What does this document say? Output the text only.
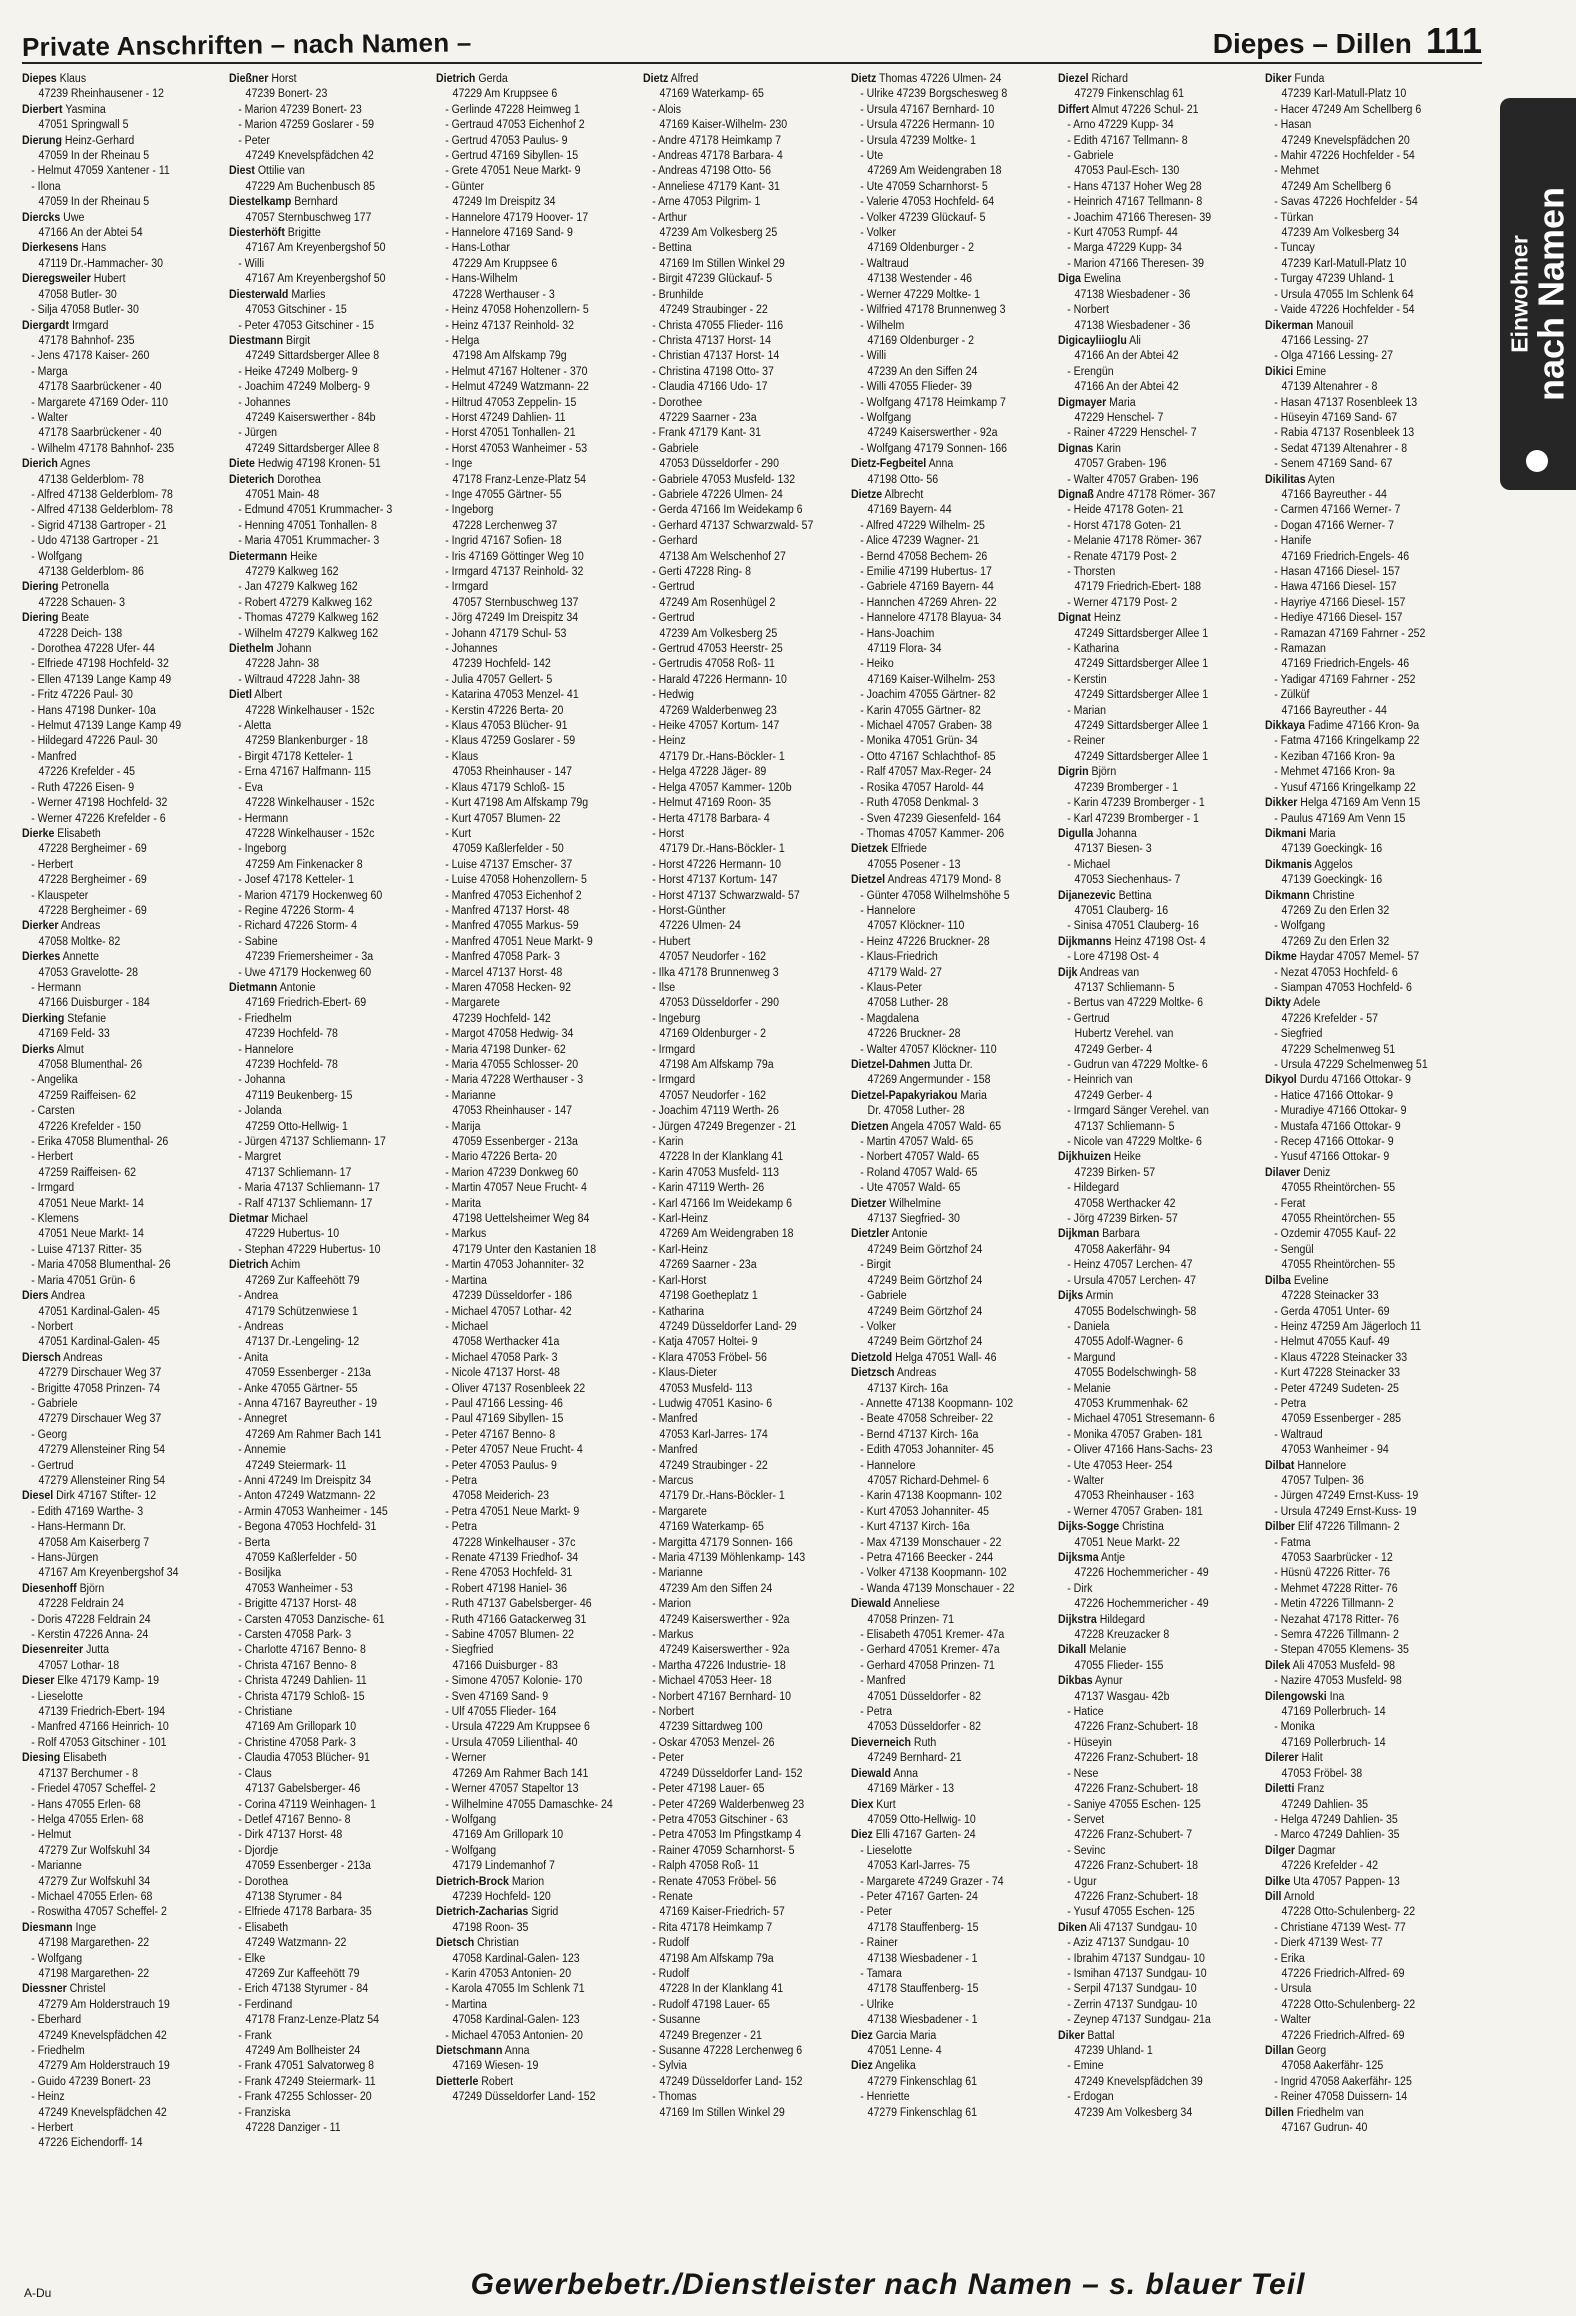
Private Anschriften – nach Namen –	Diepes – Dillen 111
Einwohner
nach Namen
Diepes Klaus
47239 Rheinhausener - 12
Dierbert Yasmina
47051 Springwall 5
Dierung Heinz-Gerhard
47059 In der Rheinau 5
- Helmut 47059 Xantener - 11
- Ilona
47059 In der Rheinau 5
Diercks Uwe
47166 An der Abtei 54
Dierkesens Hans
47119 Dr.-Hammacher- 30
Dieregsweiler Hubert
47058 Butler- 30
- Silja 47058 Butler- 30
Diergardt Irmgard
47178 Bahnhof- 235
- Jens 47178 Kaiser- 260
- Marga
47178 Saarbrückener - 40
- Margarete 47169 Oder- 110
- Walter
47178 Saarbrückener - 40
- Wilhelm 47178 Bahnhof- 235
Dierich Agnes
47138 Gelderblom- 78
- Alfred 47138 Gelderblom- 78
- Alfred 47138 Gelderblom- 78
- Sigrid 47138 Gartroper - 21
- Udo 47138 Gartroper - 21
- Wolfgang
47138 Gelderblom- 86
Diering Petronella
47228 Schauen- 3
Diering Beate
47228 Deich- 138
- Dorothea 47228 Ufer- 44
- Elfriede 47198 Hochfeld- 32
- Ellen 47139 Lange Kamp 49
- Fritz 47226 Paul- 30
- Hans 47198 Dunker- 10a
- Helmut 47139 Lange Kamp 49
- Hildegard 47226 Paul- 30
- Manfred
47226 Krefelder - 45
- Ruth 47226 Eisen- 9
- Werner 47198 Hochfeld- 32
- Werner 47226 Krefelder - 6
Dierke Elisabeth
47228 Bergheimer - 69
- Herbert
47228 Bergheimer - 69
- Klauspeter
47228 Bergheimer - 69
Dierker Andreas
47058 Moltke- 82
Dierkes Annette
47053 Gravelotte- 28
- Hermann
47166 Duisburger - 184
Dierking Stefanie
47169 Feld- 33
Dierks Almut
47058 Blumenthal- 26
- Angelika
47259 Raiffeisen- 62
- Carsten
47226 Krefelder - 150
- Erika 47058 Blumenthal- 26
- Herbert
47259 Raiffeisen- 62
- Irmgard
47051 Neue Markt- 14
- Klemens
47051 Neue Markt- 14
- Luise 47137 Ritter- 35
- Maria 47058 Blumenthal- 26
- Maria 47051 Grün- 6
Diers Andrea
47051 Kardinal-Galen- 45
- Norbert
47051 Kardinal-Galen- 45
Diersch Andreas
47279 Dirschauer Weg 37
- Brigitte 47058 Prinzen- 74
- Gabriele
47279 Dirschauer Weg 37
- Georg
47279 Allensteiner Ring 54
- Gertrud
47279 Allensteiner Ring 54
Diesel Dirk 47167 Stifter- 12
- Edith 47169 Warthe- 3
- Hans-Hermann Dr.
47058 Am Kaiserberg 7
- Hans-Jürgen
47167 Am Kreyenbergshof 34
Diesenhoff Björn
47228 Feldrain 24
- Doris 47228 Feldrain 24
- Kerstin 47226 Anna- 24
Diesenreiter Jutta
47057 Lothar- 18
Dieser Elke 47179 Kamp- 19
- Lieselotte
47139 Friedrich-Ebert- 194
- Manfred 47166 Heinrich- 10
- Rolf 47053 Gitschiner - 101
Diesing Elisabeth
47137 Berchumer - 8
- Friedel 47057 Scheffel- 2
- Hans 47055 Erlen- 68
- Helga 47055 Erlen- 68
- Helmut
47279 Zur Wolfskuhl 34
- Marianne
47279 Zur Wolfskuhl 34
- Michael 47055 Erlen- 68
- Roswitha 47057 Scheffel- 2
Diesmann Inge
47198 Margarethen- 22
- Wolfgang
47198 Margarethen- 22
Diessner Christel
47279 Am Holderstrauch 19
- Eberhard
47249 Knevelspfädchen 42
- Friedhelm
47279 Am Holderstrauch 19
- Guido 47239 Bonert- 23
- Heinz
47249 Knevelspfädchen 42
- Herbert
47226 Eichendorff- 14
Dießner Horst
47239 Bonert- 23
- Marion 47239 Bonert- 23
- Marion 47259 Goslarer - 59
- Peter
47249 Knevelspfädchen 42
Diest Ottilie van
47229 Am Buchenbusch 85
Diestelkamp Bernhard
47057 Sternbuschweg 177
Diesterhöft Brigitte
47167 Am Kreyenbergshof 50
- Willi
47167 Am Kreyenbergshof 50
Diesterwald Marlies
47053 Gitschiner - 15
- Peter 47053 Gitschiner - 15
Diestmann Birgit
47249 Sittardsberger Allee 8
- Heike 47249 Molberg- 9
- Joachim 47249 Molberg- 9
- Johannes
47249 Kaiserswerther - 84b
- Jürgen
47249 Sittardsberger Allee 8
Diete Hedwig 47198 Kronen- 51
Dieterich Dorothea
47051 Main- 48
- Edmund 47051 Krummacher- 3
- Henning 47051 Tonhallen- 8
- Maria 47051 Krummacher- 3
Dietermann Heike
47279 Kalkweg 162
- Jan 47279 Kalkweg 162
- Robert 47279 Kalkweg 162
- Thomas 47279 Kalkweg 162
- Wilhelm 47279 Kalkweg 162
Diethelm Johann
47228 Jahn- 38
- Wiltraud 47228 Jahn- 38
Dietl Albert
47228 Winkelhauser - 152c
- Aletta
47259 Blankenburger - 18
- Birgit 47178 Ketteler- 1
- Erna 47167 Halfmann- 115
- Eva
47228 Winkelhauser - 152c
- Hermann
47228 Winkelhauser - 152c
- Ingeborg
47259 Am Finkenacker 8
- Josef 47178 Ketteler- 1
- Marion 47179 Hockenweg 60
- Regine 47226 Storm- 4
- Richard 47226 Storm- 4
- Sabine
47239 Friemersheimer - 3a
- Uwe 47179 Hockenweg 60
Dietmann Antonie
47169 Friedrich-Ebert- 69
- Friedhelm
47239 Hochfeld- 78
- Hannelore
47239 Hochfeld- 78
- Johanna
47119 Beukenberg- 15
- Jolanda
47259 Otto-Hellwig- 1
- Jürgen 47137 Schliemann- 17
- Margret
47137 Schliemann- 17
- Maria 47137 Schliemann- 17
- Ralf 47137 Schliemann- 17
Dietmar Michael
47229 Hubertus- 10
- Stephan 47229 Hubertus- 10
Dietrich Achim
47269 Zur Kaffeehött 79
- Andrea
47179 Schützenwiese 1
- Andreas
47137 Dr.-Lengeling- 12
- Anita
47059 Essenberger - 213a
- Anke 47055 Gärtner- 55
- Anna 47167 Bayreuther - 19
- Annegret
47269 Am Rahmer Bach 141
- Annemie
47249 Steiermark- 11
- Anni 47249 Im Dreispitz 34
- Anton 47249 Watzmann- 22
- Armin 47053 Wanheimer - 145
- Begona 47053 Hochfeld- 31
- Berta
47059 Kaßlerfelder - 50
- Bosiljka
47053 Wanheimer - 53
- Brigitte 47137 Horst- 48
- Carsten 47053 Danzische- 61
- Carsten 47058 Park- 3
- Charlotte 47167 Benno- 8
- Christa 47167 Benno- 8
- Christa 47249 Dahlien- 11
- Christa 47179 Schloß- 15
- Christiane
47169 Am Grillopark 10
- Christine 47058 Park- 3
- Claudia 47053 Blücher- 91
- Claus
47137 Gabelsberger- 46
- Corina 47119 Weinhagen- 1
- Detlef 47167 Benno- 8
- Dirk 47137 Horst- 48
- Djordje
47059 Essenberger - 213a
- Dorothea
47138 Styrumer - 84
- Elfriede 47178 Barbara- 35
- Elisabeth
47249 Watzmann- 22
- Elke
47269 Zur Kaffeehött 79
- Erich 47138 Styrumer - 84
- Ferdinand
47178 Franz-Lenze-Platz 54
- Frank
47249 Am Bollheister 24
- Frank 47051 Salvatorweg 8
- Frank 47249 Steiermark- 11
- Frank 47255 Schlosser- 20
- Franziska
47228 Danziger - 11
Dietrich Gerda
47229 Am Kruppsee 6
- Gerlinde 47228 Heimweg 1
- Gertraud 47053 Eichenhof 2
- Gertrud 47053 Paulus- 9
- Gertrud 47169 Sibyllen- 15
- Grete 47051 Neue Markt- 9
- Günter
47249 Im Dreispitz 34
- Hannelore 47179 Hoover- 17
- Hannelore 47169 Sand- 9
- Hans-Lothar
47229 Am Kruppsee 6
- Hans-Wilhelm
47228 Werthauser - 3
- Heinz 47058 Hohenzollern- 5
- Heinz 47137 Reinhold- 32
- Helga
47198 Am Alfskamp 79g
- Helmut 47167 Holtener - 370
- Helmut 47249 Watzmann- 22
- Hiltrud 47053 Zeppelin- 15
- Horst 47249 Dahlien- 11
- Horst 47051 Tonhallen- 21
- Horst 47053 Wanheimer - 53
- Inge
47178 Franz-Lenze-Platz 54
- Inge 47055 Gärtner- 55
- Ingeborg
47228 Lerchenweg 37
- Ingrid 47167 Sofien- 18
- Iris 47169 Göttinger Weg 10
- Irmgard 47137 Reinhold- 32
- Irmgard
47057 Sternbuschweg 137
- Jörg 47249 Im Dreispitz 34
- Johann 47179 Schul- 53
- Johannes
47239 Hochfeld- 142
- Julia 47057 Gellert- 5
- Katarina 47053 Menzel- 41
- Kerstin 47226 Berta- 20
- Klaus 47053 Blücher- 91
- Klaus 47259 Goslarer - 59
- Klaus
47053 Rheinhauser - 147
- Klaus 47179 Schloß- 15
- Kurt 47198 Am Alfskamp 79g
- Kurt 47057 Blumen- 22
- Kurt
47059 Kaßlerfelder - 50
- Luise 47137 Emscher- 37
- Luise 47058 Hohenzollern- 5
- Manfred 47053 Eichenhof 2
- Manfred 47137 Horst- 48
- Manfred 47055 Markus- 59
- Manfred 47051 Neue Markt- 9
- Manfred 47058 Park- 3
- Marcel 47137 Horst- 48
- Maren 47058 Hecken- 92
- Margarete
47239 Hochfeld- 142
- Margot 47058 Hedwig- 34
- Maria 47198 Dunker- 62
- Maria 47055 Schlosser- 20
- Maria 47228 Werthauser - 3
- Marianne
47053 Rheinhauser - 147
- Marija
47059 Essenberger - 213a
- Mario 47226 Berta- 20
- Marion 47239 Donkweg 60
- Martin 47057 Neue Frucht- 4
- Marita
47198 Uettelsheimer Weg 84
- Markus
47179 Unter den Kastanien 18
- Martin 47053 Johanniter- 32
- Martina
47239 Düsseldorfer - 186
- Michael 47057 Lothar- 42
- Michael
47058 Werthacker 41a
- Michael 47058 Park- 3
- Nicole 47137 Horst- 48
- Oliver 47137 Rosenbleek 22
- Paul 47166 Lessing- 46
- Paul 47169 Sibyllen- 15
- Peter 47167 Benno- 8
- Peter 47057 Neue Frucht- 4
- Peter 47053 Paulus- 9
- Petra
47058 Meiderich- 23
- Petra 47051 Neue Markt- 9
- Petra
47228 Winkelhauser - 37c
- Renate 47139 Friedhof- 34
- Rene 47053 Hochfeld- 31
- Robert 47198 Haniel- 36
- Ruth 47137 Gabelsberger- 46
- Ruth 47166 Gatackerweg 31
- Sabine 47057 Blumen- 22
- Siegfried
47166 Duisburger - 83
- Simone 47057 Kolonie- 170
- Sven 47169 Sand- 9
- Ulf 47055 Flieder- 164
- Ursula 47229 Am Kruppsee 6
- Ursula 47059 Lilienthal- 40
- Werner
47269 Am Rahmer Bach 141
- Werner 47057 Stapeltor 13
- Wilhelmine 47055 Damaschke- 24
- Wolfgang
47169 Am Grillopark 10
- Wolfgang
47179 Lindemanhof 7
Dietrich-Brock Marion
47239 Hochfeld- 120
Dietrich-Zacharias Sigrid
47198 Roon- 35
Dietsch Christian
47058 Kardinal-Galen- 123
- Karin 47053 Antonien- 20
- Karola 47055 Im Schlenk 71
- Martina
47058 Kardinal-Galen- 123
- Michael 47053 Antonien- 20
Dietschmann Anna
47169 Wiesen- 19
Dietterle Robert
47249 Düsseldorfer Land- 152
Dietz Alfred
47169 Waterkamp- 65
- Alois
47169 Kaiser-Wilhelm- 230
- Andre 47178 Heimkamp 7
- Andreas 47178 Barbara- 4
- Andreas 47198 Otto- 56
- Anneliese 47179 Kant- 31
- Arne 47053 Pilgrim- 1
- Arthur
47239 Am Volkesberg 25
- Bettina
47169 Im Stillen Winkel 29
- Birgit 47239 Glückauf- 5
- Brunhilde
47249 Straubinger - 22
- Christa 47055 Flieder- 116
- Christa 47137 Horst- 14
- Christian 47137 Horst- 14
- Christina 47198 Otto- 37
- Claudia 47166 Udo- 17
- Dorothee
47229 Saarner - 23a
- Frank 47179 Kant- 31
- Gabriele
47053 Düsseldorfer - 290
- Gabriele 47053 Musfeld- 132
- Gabriele 47226 Ulmen- 24
- Gerda 47166 Im Weidekamp 6
- Gerhard 47137 Schwarzwald- 57
- Gerhard
47138 Am Welschenhof 27
- Gerti 47228 Ring- 8
- Gertrud
47249 Am Rosenhügel 2
- Gertrud
47239 Am Volkesberg 25
- Gertrud 47053 Heerstr- 25
- Gertrudis 47058 Roß- 11
- Harald 47226 Hermann- 10
- Hedwig
47269 Walderbenweg 23
- Heike 47057 Kortum- 147
- Heinz
47179 Dr.-Hans-Böckler- 1
- Helga 47228 Jäger- 89
- Helga 47057 Kammer- 120b
- Helmut 47169 Roon- 35
- Herta 47178 Barbara- 4
- Horst
47179 Dr.-Hans-Böckler- 1
- Horst 47226 Hermann- 10
- Horst 47137 Kortum- 147
- Horst 47137 Schwarzwald- 57
- Horst-Günther
47226 Ulmen- 24
- Hubert
47057 Neudorfer - 162
- Ilka 47178 Brunnenweg 3
- Ilse
47053 Düsseldorfer - 290
- Ingeburg
47169 Oldenburger - 2
- Irmgard
47198 Am Alfskamp 79a
- Irmgard
47057 Neudorfer - 162
- Joachim 47119 Werth- 26
- Jürgen 47249 Bregenzer - 21
- Karin
47228 In der Klanklang 41
- Karin 47053 Musfeld- 113
- Karin 47119 Werth- 26
- Karl 47166 Im Weidekamp 6
- Karl-Heinz
47269 Am Weidengraben 18
- Karl-Heinz
47269 Saarner - 23a
- Karl-Horst
47198 Goetheplatz 1
- Katharina
47249 Düsseldorfer Land- 29
- Katja 47057 Holtei- 9
- Klara 47053 Fröbel- 56
- Klaus-Dieter
47053 Musfeld- 113
- Ludwig 47051 Kasino- 6
- Manfred
47053 Karl-Jarres- 174
- Manfred
47249 Straubinger - 22
- Marcus
47179 Dr.-Hans-Böckler- 1
- Margarete
47169 Waterkamp- 65
- Margitta 47179 Sonnen- 166
- Maria 47139 Möhlenkamp- 143
- Marianne
47239 Am den Siffen 24
- Marion
47249 Kaiserswerther - 92a
- Markus
47249 Kaiserswerther - 92a
- Martha 47226 Industrie- 18
- Michael 47053 Heer- 18
- Norbert 47167 Bernhard- 10
- Norbert
47239 Sittardweg 100
- Oskar 47053 Menzel- 26
- Peter
47249 Düsseldorfer Land- 152
- Peter 47198 Lauer- 65
- Peter 47269 Walderbenweg 23
- Petra 47053 Gitschiner - 63
- Petra 47053 Im Pfingstkamp 4
- Rainer 47059 Scharnhorst- 5
- Ralph 47058 Roß- 11
- Renate 47053 Fröbel- 56
- Renate
47169 Kaiser-Friedrich- 57
- Rita 47178 Heimkamp 7
- Rudolf
47198 Am Alfskamp 79a
- Rudolf
47228 In der Klanklang 41
- Rudolf 47198 Lauer- 65
- Susanne
47249 Bregenzer - 21
- Susanne 47228 Lerchenweg 6
- Sylvia
47249 Düsseldorfer Land- 152
- Thomas
47169 Im Stillen Winkel 29
Dietz Thomas 47226 Ulmen- 24
- Ulrike 47239 Borgschesweg 8
- Ursula 47167 Bernhard- 10
- Ursula 47226 Hermann- 10
- Ursula 47239 Moltke- 1
- Ute
47269 Am Weidengraben 18
- Ute 47059 Scharnhorst- 5
- Valerie 47053 Hochfeld- 64
- Volker 47239 Glückauf- 5
- Volker
47169 Oldenburger - 2
- Waltraud
47138 Westender - 46
- Werner 47229 Moltke- 1
- Wilfried 47178 Brunnenweg 3
- Wilhelm
47169 Oldenburger - 2
- Willi
47239 An den Siffen 24
- Willi 47055 Flieder- 39
- Wolfgang 47178 Heimkamp 7
- Wolfgang
47249 Kaiserswerther - 92a
- Wolfgang 47179 Sonnen- 166
Dietz-Fegbeitel Anna
47198 Otto- 56
Dietze Albrecht
47169 Bayern- 44
- Alfred 47229 Wilhelm- 25
- Alice 47239 Wagner- 21
- Bernd 47058 Bechem- 26
- Emilie 47199 Hubertus- 17
- Gabriele 47169 Bayern- 44
- Hannchen 47269 Ähren- 22
- Hannelore 47178 Blayua- 34
- Hans-Joachim
47119 Flora- 34
- Heiko
47169 Kaiser-Wilhelm- 253
- Joachim 47055 Gärtner- 82
- Karin 47055 Gärtner- 82
- Michael 47057 Graben- 38
- Monika 47051 Grün- 34
- Otto 47167 Schlachthof- 85
- Ralf 47057 Max-Reger- 24
- Rosika 47057 Harold- 44
- Ruth 47058 Denkmal- 3
- Sven 47239 Giesenfeld- 164
- Thomas 47057 Kammer- 206
Dietzek Elfriede
47055 Posener - 13
Dietzel Andreas 47179 Mond- 8
- Günter 47058 Wilhelmshöhe 5
- Hannelore
47057 Klöckner- 110
- Heinz 47226 Bruckner- 28
- Klaus-Friedrich
47179 Wald- 27
- Klaus-Peter
47058 Luther- 28
- Magdalena
47226 Bruckner- 28
- Walter 47057 Klöckner- 110
Dietzel-Dahmen Jutta Dr.
47269 Angermunder - 158
Dietzel-Papakyriakou Maria
Dr. 47058 Luther- 28
Dietzen Angela 47057 Wald- 65
- Martin 47057 Wald- 65
- Norbert 47057 Wald- 65
- Roland 47057 Wald- 65
- Ute 47057 Wald- 65
Dietzer Wilhelmine
47137 Siegfried- 30
Dietzler Antonie
47249 Beim Görtzhof 24
- Birgit
47249 Beim Görtzhof 24
- Gabriele
47249 Beim Görtzhof 24
- Volker
47249 Beim Görtzhof 24
Dietzold Helga 47051 Wall- 46
Dietzsch Andreas
47137 Kirch- 16a
- Annette 47138 Koopmann- 102
- Beate 47058 Schreiber- 22
- Bernd 47137 Kirch- 16a
- Edith 47053 Johanniter- 45
- Hannelore
47057 Richard-Dehmel- 6
- Karin 47138 Koopmann- 102
- Kurt 47053 Johanniter- 45
- Kurt 47137 Kirch- 16a
- Max 47139 Monschauer - 22
- Petra 47166 Beecker - 244
- Volker 47138 Koopmann- 102
- Wanda 47139 Monschauer - 22
Diewald Anneliese
47058 Prinzen- 71
- Elisabeth 47051 Kremer- 47a
- Gerhard 47051 Kremer- 47a
- Gerhard 47058 Prinzen- 71
- Manfred
47051 Düsseldorfer - 82
- Petra
47053 Düsseldorfer - 82
Dieverneich Ruth
47249 Bernhard- 21
Diewald Anna
47169 Märker - 13
Diex Kurt
47059 Otto-Hellwig- 10
Diez Elli 47167 Garten- 24
- Lieselotte
47053 Karl-Jarres- 75
- Margarete 47249 Grazer - 74
- Peter 47167 Garten- 24
- Peter
47178 Stauffenberg- 15
- Rainer
47138 Wiesbadener - 1
- Tamara
47178 Stauffenberg- 15
- Ulrike
47138 Wiesbadener - 1
Diez Garcia Maria
47051 Lenne- 4
Diez Angelika
47279 Finkenschlag 61
- Henriette
47279 Finkenschlag 61
Diezel Richard
47279 Finkenschlag 61
Differt Almut 47226 Schul- 21
- Arno 47229 Kupp- 34
- Edith 47167 Tellmann- 8
- Gabriele
47053 Paul-Esch- 130
- Hans 47137 Hoher Weg 28
- Heinrich 47167 Tellmann- 8
- Joachim 47166 Theresen- 39
- Kurt 47053 Rumpf- 44
- Marga 47229 Kupp- 34
- Marion 47166 Theresen- 39
Diga Ewelina
47138 Wiesbadener - 36
- Norbert
47138 Wiesbadener - 36
Digicayliioglu Ali
47166 An der Abtei 42
- Erengün
47166 An der Abtei 42
Digmayer Maria
47229 Henschel- 7
- Rainer 47229 Henschel- 7
Dignas Karin
47057 Graben- 196
- Walter 47057 Graben- 196
Dignaß Andre 47178 Römer- 367
- Heide 47178 Goten- 21
- Horst 47178 Goten- 21
- Melanie 47178 Römer- 367
- Renate 47179 Post- 2
- Thorsten
47179 Friedrich-Ebert- 188
- Werner 47179 Post- 2
Dignat Heinz
47249 Sittardsberger Allee 1
- Katharina
47249 Sittardsberger Allee 1
- Kerstin
47249 Sittardsberger Allee 1
- Marian
47249 Sittardsberger Allee 1
- Reiner
47249 Sittardsberger Allee 1
Digrin Björn
47239 Bromberger - 1
- Karin 47239 Bromberger - 1
- Karl 47239 Bromberger - 1
Digulla Johanna
47137 Biesen- 3
- Michael
47053 Siechenhaus- 7
Dijanezevic Bettina
47051 Clauberg- 16
- Sinisa 47051 Clauberg- 16
Dijkmanns Heinz 47198 Ost- 4
- Lore 47198 Ost- 4
Dijk Andreas van
47137 Schliemann- 5
- Bertus van 47229 Moltke- 6
- Gertrud
Hubertz Verehel. van
47249 Gerber- 4
- Gudrun van 47229 Moltke- 6
- Heinrich van
47249 Gerber- 4
- Irmgard Sänger Verehel. van
47137 Schliemann- 5
- Nicole van 47229 Moltke- 6
Dijkhuizen Heike
47239 Birken- 57
- Hildegard
47058 Werthacker 42
- Jörg 47239 Birken- 57
Dijkman Barbara
47058 Aakerfähr- 94
- Heinz 47057 Lerchen- 47
- Ursula 47057 Lerchen- 47
Dijks Armin
47055 Bodelschwingh- 58
- Daniela
47055 Adolf-Wagner- 6
- Margund
47055 Bodelschwingh- 58
- Melanie
47053 Krummenhak- 62
- Michael 47051 Stresemann- 6
- Monika 47057 Graben- 181
- Oliver 47166 Hans-Sachs- 23
- Ute 47053 Heer- 254
- Walter
47053 Rheinhauser - 163
- Werner 47057 Graben- 181
Dijks-Sogge Christina
47051 Neue Markt- 22
Dijksma Antje
47226 Hochemmericher - 49
- Dirk
47226 Hochemmericher - 49
Dijkstra Hildegard
47228 Kreuzacker 8
Dikall Melanie
47055 Flieder- 155
Dikbas Aynur
47137 Wasgau- 42b
- Hatice
47226 Franz-Schubert- 18
- Hüseyin
47226 Franz-Schubert- 18
- Nese
47226 Franz-Schubert- 18
- Saniye 47055 Eschen- 125
- Servet
47226 Franz-Schubert- 7
- Sevinc
47226 Franz-Schubert- 18
- Ugur
47226 Franz-Schubert- 18
- Yusuf 47055 Eschen- 125
Diken Ali 47137 Sundgau- 10
- Aziz 47137 Sundgau- 10
- Ibrahim 47137 Sundgau- 10
- Ismihan 47137 Sundgau- 10
- Serpil 47137 Sundgau- 10
- Zerrin 47137 Sundgau- 10
- Zeynep 47137 Sundgau- 21a
Diker Battal
47239 Uhland- 1
- Emine
47249 Knevelspfädchen 39
- Erdogan
47239 Am Volkesberg 34
Diker Funda
47239 Karl-Matull-Platz 10
- Hacer 47249 Am Schellberg 6
- Hasan
47249 Knevelspfädchen 20
- Mahir 47226 Hochfelder - 54
- Mehmet
47249 Am Schellberg 6
- Savas 47226 Hochfelder - 54
- Türkan
47239 Am Volkesberg 34
- Tuncay
47239 Karl-Matull-Platz 10
- Turgay 47239 Uhland- 1
- Ursula 47055 Im Schlenk 64
- Vaide 47226 Hochfelder - 54
Dikerman Manouil
47166 Lessing- 27
- Olga 47166 Lessing- 27
Dikici Emine
47139 Altenahrer - 8
- Hasan 47137 Rosenbleek 13
- Hüseyin 47169 Sand- 67
- Rabia 47137 Rosenbleek 13
- Sedat 47139 Altenahrer - 8
- Senem 47169 Sand- 67
Dikilitas Ayten
47166 Bayreuther - 44
- Carmen 47166 Werner- 7
- Dogan 47166 Werner- 7
- Hanife
47169 Friedrich-Engels- 46
- Hasan 47166 Diesel- 157
- Hawa 47166 Diesel- 157
- Hayriye 47166 Diesel- 157
- Hediye 47166 Diesel- 157
- Ramazan 47169 Fahrner - 252
- Ramazan
47169 Friedrich-Engels- 46
- Yadigar 47169 Fahrner - 252
- Zülküf
47166 Bayreuther - 44
Dikkaya Fadime 47166 Kron- 9a
- Fatma 47166 Kringelkamp 22
- Keziban 47166 Kron- 9a
- Mehmet 47166 Kron- 9a
- Yusuf 47166 Kringelkamp 22
Dikker Helga 47169 Am Venn 15
- Paulus 47169 Am Venn 15
Dikmani Maria
47139 Goeckingk- 16
Dikmanis Aggelos
47139 Goeckingk- 16
Dikmann Christine
47269 Zu den Erlen 32
- Wolfgang
47269 Zu den Erlen 32
Dikme Haydar 47057 Memel- 57
- Nezat 47053 Hochfeld- 6
- Siampan 47053 Hochfeld- 6
Dikty Adele
47226 Krefelder - 57
- Siegfried
47229 Schelmenweg 51
- Ursula 47229 Schelmenweg 51
Dikyol Durdu 47166 Ottokar- 9
- Hatice 47166 Ottokar- 9
- Muradiye 47166 Ottokar- 9
- Mustafa 47166 Ottokar- 9
- Recep 47166 Ottokar- 9
- Yusuf 47166 Ottokar- 9
Dilaver Deniz
47055 Rheintörchen- 55
- Ferat
47055 Rheintörchen- 55
- Özdemir 47055 Kauf- 22
- Sengül
47055 Rheintörchen- 55
Dilba Eveline
47228 Steinacker 33
- Gerda 47051 Unter- 69
- Heinz 47259 Am Jägerloch 11
- Helmut 47055 Kauf- 49
- Klaus 47228 Steinacker 33
- Kurt 47228 Steinacker 33
- Peter 47249 Sudeten- 25
- Petra
47059 Essenberger - 285
- Waltraud
47053 Wanheimer - 94
Dilbat Hannelore
47057 Tulpen- 36
- Jürgen 47249 Ernst-Kuss- 19
- Ursula 47249 Ernst-Kuss- 19
Dilber Elif 47226 Tillmann- 2
- Fatma
47053 Saarbrücker - 12
- Hüsnü 47226 Ritter- 76
- Mehmet 47228 Ritter- 76
- Metin 47226 Tillmann- 2
- Nezahat 47178 Ritter- 76
- Semra 47226 Tillmann- 2
- Stepan 47055 Klemens- 35
Dilek Ali 47053 Musfeld- 98
- Nazire 47053 Musfeld- 98
Dilengowski Ina
47169 Pollerbruch- 14
- Monika
47169 Pollerbruch- 14
Dilerer Halit
47053 Fröbel- 38
Diletti Franz
47249 Dahlien- 35
- Helga 47249 Dahlien- 35
- Marco 47249 Dahlien- 35
Dilger Dagmar
47226 Krefelder - 42
Dilke Uta 47057 Pappen- 13
Dill Arnold
47228 Otto-Schulenberg- 22
- Christiane 47139 West- 77
- Dierk 47139 West- 77
- Erika
47226 Friedrich-Alfred- 69
- Ursula
47228 Otto-Schulenberg- 22
- Walter
47226 Friedrich-Alfred- 69
Dillan Georg
47058 Aakerfähr- 125
- Ingrid 47058 Aakerfähr- 125
- Reiner 47058 Duissern- 14
Dillen Friedhelm van
47167 Gudrun- 40
Gewerbebetr./Dienstleister nach Namen – s. blauer Teil
A-Du
